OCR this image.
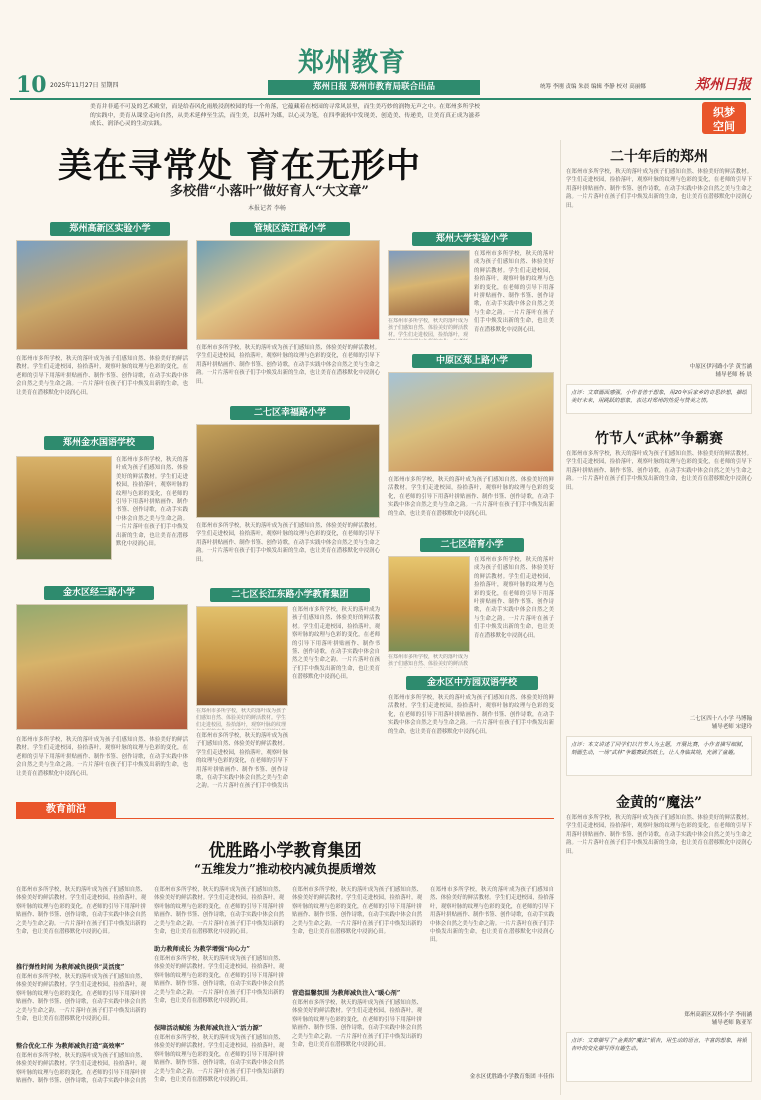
10 2025年11月27日 星期四
郑州教育
郑州日报 郑州市教育局联合出品	统筹 李刚 责编 朱晨 编辑 李静 校对 高丽娜	郑州日报
美育并非遥不可及的艺术殿堂，而是给春风化雨般浸润校园的每一个角落，它蕴藏着在校园的寻常风景里，而生美巧妙的润物无声之中。在郑州多所学校的实践中，美育从课堂走向自然，从美术延伸至生活，而生美，以落叶为媒，以心灵为笔，在四季流转中发现美、创造美、传递美，让美育真正成为滋养成长、润泽心灵的生动实践。
织梦
空间
美在寻常处 育在无形中
多校借“小落叶”做好育人“大文章”
本报记者 李畅
郑州高新区实验小学
在郑州市多所学校，秋天的落叶成为孩子们感知自然、体验美好的鲜活教材。学生们走进校园，捡拾落叶，观察叶脉的纹理与色彩的变化，在老师的引导下用落叶拼贴画作、制作书签、创作诗歌，在动手实践中体会自然之美与生命之韵。一片片落叶在孩子们手中焕发出新的生命，也让美育在潜移默化中浸润心田。
郑州金水国语学校
在郑州市多所学校，秋天的落叶成为孩子们感知自然、体验美好的鲜活教材。学生们走进校园，捡拾落叶，观察叶脉的纹理与色彩的变化，在老师的引导下用落叶拼贴画作、制作书签、创作诗歌，在动手实践中体会自然之美与生命之韵。一片片落叶在孩子们手中焕发出新的生命，也让美育在潜移默化中浸润心田。
金水区经三路小学
在郑州市多所学校，秋天的落叶成为孩子们感知自然、体验美好的鲜活教材。学生们走进校园，捡拾落叶，观察叶脉的纹理与色彩的变化，在老师的引导下用落叶拼贴画作、制作书签、创作诗歌，在动手实践中体会自然之美与生命之韵。一片片落叶在孩子们手中焕发出新的生命，也让美育在潜移默化中浸润心田。
管城区滨江路小学
在郑州市多所学校，秋天的落叶成为孩子们感知自然、体验美好的鲜活教材。学生们走进校园，捡拾落叶，观察叶脉的纹理与色彩的变化，在老师的引导下用落叶拼贴画作、制作书签、创作诗歌，在动手实践中体会自然之美与生命之韵。一片片落叶在孩子们手中焕发出新的生命，也让美育在潜移默化中浸润心田。
二七区幸福路小学
在郑州市多所学校，秋天的落叶成为孩子们感知自然、体验美好的鲜活教材。学生们走进校园，捡拾落叶，观察叶脉的纹理与色彩的变化，在老师的引导下用落叶拼贴画作、制作书签、创作诗歌，在动手实践中体会自然之美与生命之韵。一片片落叶在孩子们手中焕发出新的生命，也让美育在潜移默化中浸润心田。
二七区长江东路小学教育集团
在郑州市多所学校，秋天的落叶成为孩子们感知自然、体验美好的鲜活教材。学生们走进校园，捡拾落叶，观察叶脉的纹理
在郑州市多所学校，秋天的落叶成为孩子们感知自然、体验美好的鲜活教材。学生们走进校园，捡拾落叶，观察叶脉的纹理与色彩的变化，在老师的引导下用落叶拼贴画作、制作书签、创作诗歌，在动手实践中体会自然之美与生命之韵。一片片落叶在孩子们手中焕发出新的生命，也让美育在潜移默化中浸润心田。
在郑州市多所学校，秋天的落叶成为孩子们感知自然、体验美好的鲜活教材。学生们走进校园，捡拾落叶，观察叶脉的纹理与色彩的变化，在老师的引导下用落叶拼贴画作、制作书签、创作诗歌，在动手实践中体会自然之美与生命之韵。一片片落叶在孩子们手中焕发出
郑州大学实验小学
在郑州市多所学校，秋天的落叶成为孩子们感知自然、体验美好的鲜活教材。学生们走进校园，捡拾落叶，观
在郑州市多所学校，秋天的落叶成为孩子们感知自然、体验美好的鲜活教材。学生们走进校园，捡拾落叶，观察叶脉的纹理与色彩的变化，在老师的引导下用落叶拼贴画作、制作书签、创作诗歌，在动手实践中体会自然之美与生命之韵。一片片落叶在孩子们手中焕发出新的生命，也让美育在潜移默化中浸润心田。
中原区郑上路小学
在郑州市多所学校，秋天的落叶成为孩子们感知自然、体验美好的鲜活教材。学生们走进校园，捡拾落叶，观察叶脉的纹理与色彩的变化，在老师的引导下用落叶拼贴画作、制作书签、创作诗歌，在动手实践中体会自然之美与生命之韵。一片片落叶在孩子们手中焕发出新的生命，也让美育在潜移默化中浸润心田。
二七区培育小学
在郑州市多所学校，秋天的落叶成为孩子们感知自然、体验美好的鲜活教
在郑州市多所学校，秋天的落叶成为孩子们感知自然、体验美好的鲜活教材。学生们走进校园，捡拾落叶，观察叶脉的纹理与色彩的变化，在老师的引导下用落叶拼贴画作、制作书签、创作诗歌，在动手实践中体会自然之美与生命之韵。一片片落叶在孩子们手中焕发出新的生命，也让美育在潜移默化中浸润心田。
金水区中方园双语学校
在郑州市多所学校，秋天的落叶成为孩子们感知自然、体验美好的鲜活教材。学生们走进校园，捡拾落叶，观察叶脉的纹理与色彩的变化，在老师的引导下用落叶拼贴画作、制作书签、创作诗歌，在动手实践中体会自然之美与生命之韵。一片片落叶在孩子们手中焕发出新的生命，也让美育在潜移默化中浸润心田。
教育前沿
优胜路小学教育集团
“五维发力”推动校内减负提质增效
在郑州市多所学校，秋天的落叶成为孩子们感知自然、体验美好的鲜活教材。学生们走进校园，捡拾落叶，观察叶脉的纹理与色彩的变化，在老师的引导下用落叶拼贴画作、制作书签、创作诗歌，在动手实践中体会自然之美与生命之韵。一片片落叶在孩子们手中焕发出新的生命，也让美育在潜移默化中浸润心田。
推行弹性时间 为教师减负提供“灵活度”
在郑州市多所学校，秋天的落叶成为孩子们感知自然、体验美好的鲜活教材。学生们走进校园，捡拾落叶，观察叶脉的纹理与色彩的变化，在老师的引导下用落叶拼贴画作、制作书签、创作诗歌，在动手实践中体会自然之美与生命之韵。一片片落叶在孩子们手中焕发出新的生命，也让美育在潜移默化中浸润心田。
整合优化工作 为教师减负打造“高效率”
在郑州市多所学校，秋天的落叶成为孩子们感知自然、体验美好的鲜活教材。学生们走进校园，捡拾落叶，观察叶脉的纹理与色彩的变化，在老师的引导下用落叶拼贴画作、制作书签、创作诗歌，在动手实践中体会自然
在郑州市多所学校，秋天的落叶成为孩子们感知自然、体验美好的鲜活教材。学生们走进校园，捡拾落叶，观察叶脉的纹理与色彩的变化，在老师的引导下用落叶拼贴画作、制作书签、创作诗歌，在动手实践中体会自然之美与生命之韵。一片片落叶在孩子们手中焕发出新的生命，也让美育在潜移默化中浸润心田。
助力教师成长 为教学增强“向心力”
在郑州市多所学校，秋天的落叶成为孩子们感知自然、体验美好的鲜活教材。学生们走进校园，捡拾落叶，观察叶脉的纹理与色彩的变化，在老师的引导下用落叶拼贴画作、制作书签、创作诗歌，在动手实践中体会自然之美与生命之韵。一片片落叶在孩子们手中焕发出新的生命，也让美育在潜移默化中浸润心田。
保障活动赋能 为教师减负注入“活力源”
在郑州市多所学校，秋天的落叶成为孩子们感知自然、体验美好的鲜活教材。学生们走进校园，捡拾落叶，观察叶脉的纹理与色彩的变化，在老师的引导下用落叶拼贴画作、制作书签、创作诗歌，在动手实践中体会自然之美与生命之韵。一片片落叶在孩子们手中焕发出新的生命，也让美育在潜移默化中浸润心田。
在郑州市多所学校，秋天的落叶成为孩子们感知自然、体验美好的鲜活教材。学生们走进校园，捡拾落叶，观察叶脉的纹理与色彩的变化，在老师的引导下用落叶拼贴画作、制作书签、创作诗歌，在动手实践中体会自然之美与生命之韵。一片片落叶在孩子们手中焕发出新的生命，也让美育在潜移默化中浸润心田。
营造温馨氛围 为教师减负注入“暖心剂”
在郑州市多所学校，秋天的落叶成为孩子们感知自然、体验美好的鲜活教材。学生们走进校园，捡拾落叶，观察叶脉的纹理与色彩的变化，在老师的引导下用落叶拼贴画作、制作书签、创作诗歌，在动手实践中体会自然之美与生命之韵。一片片落叶在孩子们手中焕发出新的生命，也让美育在潜移默化中浸润心田。
在郑州市多所学校，秋天的落叶成为孩子们感知自然、体验美好的鲜活教材。学生们走进校园，捡拾落叶，观察叶脉的纹理与色彩的变化，在老师的引导下用落叶拼贴画作、制作书签、创作诗歌，在动手实践中体会自然之美与生命之韵。一片片落叶在孩子们手中焕发出新的生命，也让美育在潜移默化中浸润心田。
金水区优胜路小学教育集团 丰佳伟
二十年后的郑州
在郑州市多所学校，秋天的落叶成为孩子们感知自然、体验美好的鲜活教材。学生们走进校园，捡拾落叶，观察叶脉的纹理与色彩的变化，在老师的引导下用落叶拼贴画作、制作书签、创作诗歌，在动手实践中体会自然之美与生命之韵。一片片落叶在孩子们手中焕发出新的生命，也让美育在潜移默化中浸润心田。
中原区伊河路小学 黄雪涵
辅导老师 杨 晨
点评：文章画面感强，小作者善于想象，用20年后家乡的奇思妙想，描绘美好未来，用跳跃的想象，表达对郑州的热爱与赞美之情。
竹节人“武林”争霸赛
在郑州市多所学校，秋天的落叶成为孩子们感知自然、体验美好的鲜活教材。学生们走进校园，捡拾落叶，观察叶脉的纹理与色彩的变化，在老师的引导下用落叶拼贴画作、制作书签、创作诗歌，在动手实践中体会自然之美与生命之韵。一片片落叶在孩子们手中焕发出新的生命，也让美育在潜移默化中浸润心田。
二七区四十八小学 马博翰
辅导老师 宋建玲
点评：本文讲述了同学们以竹节人为主题，开展比赛，小作者描写细腻，刻画生动，一场“武林”争霸赛跃然纸上，让人身临其境，充满了童趣。
金黄的“魔法”
在郑州市多所学校，秋天的落叶成为孩子们感知自然、体验美好的鲜活教材。学生们走进校园，捡拾落叶，观察叶脉的纹理与色彩的变化，在老师的引导下用落叶拼贴画作、制作书签、创作诗歌，在动手实践中体会自然之美与生命之韵。一片片落叶在孩子们手中焕发出新的生命，也让美育在潜移默化中浸润心田。
郑州高新区双桥小学 李雨涵
辅导老师 陈亚军
点评：文章描写了“金黄的”魔法”银杏，用生动的语言，丰富的想象，将银杏叶的变化描写得有趣生动。
